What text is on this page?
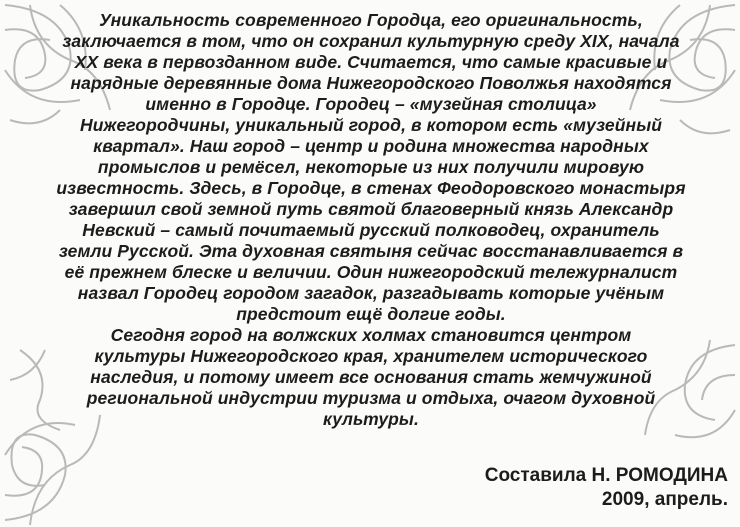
Уникальность современного Городца, его оригинальность,
заключается в том, что он сохранил культурную среду XIX, начала
XX века в первозданном виде. Считается, что самые красивые и
нарядные деревянные дома Нижегородского Поволжья находятся
именно в Городце. Городец – «музейная столица»
Нижегородчины, уникальный город, в котором есть «музейный
квартал». Наш город – центр и родина множества народных
промыслов и ремёсел, некоторые из них получили мировую
известность. Здесь, в Городце, в стенах Феодоровского монастыря
завершил свой земной путь святой благоверный князь Александр
Невский – самый почитаемый русский полководец, охранитель
земли Русской. Эта духовная святыня сейчас восстанавливается в
её прежнем блеске и величии. Один нижегородский тележурналист
назвал Городец городом загадок, разгадывать которые учёным
предстоит ещё долгие годы.
Сегодня город на волжских холмах становится центром
культуры Нижегородского края, хранителем исторического
наследия, и потому имеет все основания стать жемчужиной
региональной индустрии туризма и отдыха, очагом духовной
культуры.
Составила Н. РОМОДИНА
2009, апрель.
